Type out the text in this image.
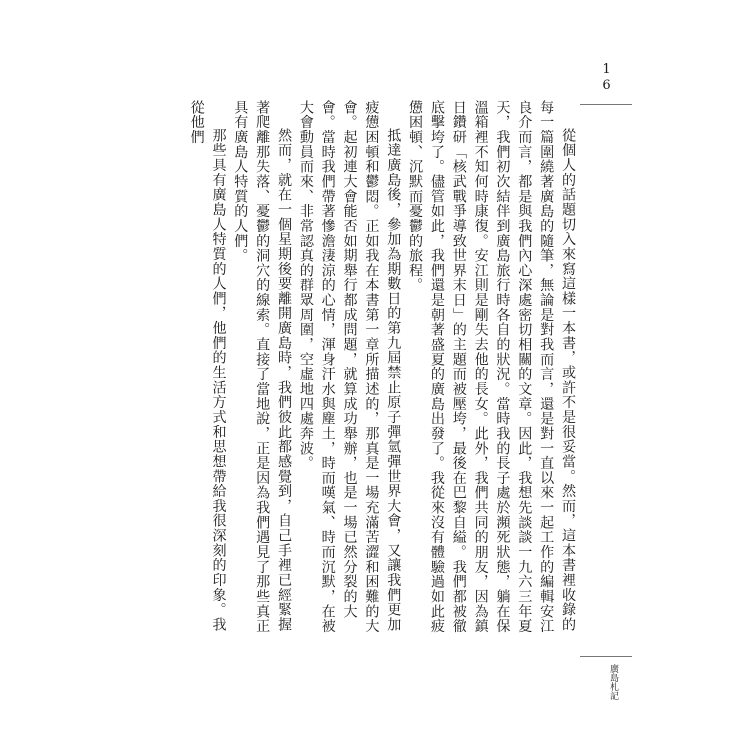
16

從個人的話題切入來寫這樣一本書，或許不是很妥當。然而，這本書裡收錄的每一篇圍繞著廣島的隨筆，無論是對我而言，還是對一直以來一起工作的編輯安江良介而言，都是與我們內心深處密切相關的文章。因此，我想先談談一九六三年夏天，我們初次結伴到廣島旅行時各自的狀況。當時我的長子處於瀕死狀態，躺在保溫箱裡不知何時康復。安江則是剛失去他的長女。此外，我們共同的朋友，因為鎮日鑽研「核武戰爭導致世界末日」的主題而被壓垮，最後在巴黎自縊。我們都被徹底擊垮了。儘管如此，我們還是朝著盛夏的廣島出發了。我從來沒有體驗過如此疲憊困頓、沉默而憂鬱的旅程。

抵達廣島後，參加為期數日的第九屆禁止原子彈氫彈世界大會，又讓我們更加疲憊困頓和鬱悶。正如我在本書第一章所描述的，那真是一場充滿苦澀和困難的大會。起初連大會能否如期舉行都成問題，就算成功舉辦，也是一場已然分裂的大會。當時我們帶著慘澹淒涼的心情，渾身汗水與塵土，時而嘆氣、時而沉默，在被大會動員而來、非常認真的群眾周圍，空虛地四處奔波。

然而，就在一個星期後要離開廣島時，我們彼此都感覺到，自己手裡已經緊握著爬離那失落、憂鬱的洞穴的線索。直接了當地說，正是因為我們遇見了那些真正具有廣島人特質的人們。

那些具有廣島人特質的人們，他們的生活方式和思想帶給我很深刻的印象。我從他們

廣島札記
